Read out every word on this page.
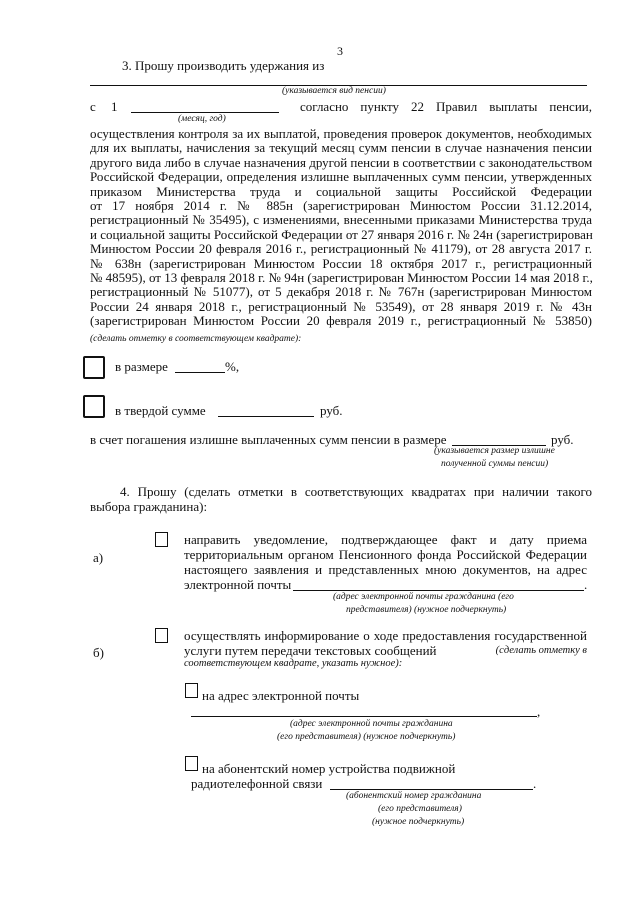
3
3. Прошу производить удержания из
(указывается вид пенсии)
с 1
(месяц, год)
согласно пункту 22 Правил выплаты пенсии,
осуществления контроля за их выплатой, проведения проверок документов, необходимых
для их выплаты, начисления за текущий месяц сумм пенсии в случае назначения пенсии
другого вида либо в случае назначения другой пенсии в соответствии с законодательством
Российской Федерации, определения излишне выплаченных сумм пенсии, утвержденных
приказом Министерства труда и социальной защиты Российской Федерации
от 17 ноября 2014 г. № 885н (зарегистрирован Минюстом России 31.12.2014,
регистрационный № 35495), с изменениями, внесенными приказами Министерства труда
и социальной защиты Российской Федерации от 27 января 2016 г. № 24н (зарегистрирован
Минюстом России 20 февраля 2016 г., регистрационный № 41179), от 28 августа 2017 г.
№ 638н (зарегистрирован Минюстом России 18 октября 2017 г., регистрационный
№ 48595), от 13 февраля 2018 г. № 94н (зарегистрирован Минюстом России 14 мая 2018 г.,
регистрационный № 51077), от 5 декабря 2018 г. № 767н (зарегистрирован Минюстом
России 24 января 2018 г., регистрационный № 53549), от 28 января 2019 г. № 43н
(зарегистрирован Минюстом России 20 февраля 2019 г., регистрационный № 53850)
(сделать отметку в соответствующем квадрате):
в размере	%,
в твердой сумме	руб.
в счет погашения излишне выплаченных сумм пенсии в размере	руб.
(указывается размер излишне
полученной суммы пенсии)
4. Прошу (сделать отметки в соответствующих квадратах при наличии такого
выбора гражданина):
а)
направить уведомление, подтверждающее факт и дату приема
территориальным органом Пенсионного фонда Российской Федерации
настоящего заявления и представленных мною документов, на адрес
электронной почты	.
(адрес электронной почты гражданина (его
представителя) (нужное подчеркнуть)
б)
осуществлять информирование о ходе предоставления государственной
услуги путем передачи текстовых сообщений	(сделать отметку в
соответствующем квадрате, указать нужное):
на адрес электронной почты
,
(адрес электронной почты гражданина
(его представителя) (нужное подчеркнуть)
на абонентский номер устройства подвижной
радиотелефонной связи	.
(абонентский номер гражданина
(его представителя)
(нужное подчеркнуть)
